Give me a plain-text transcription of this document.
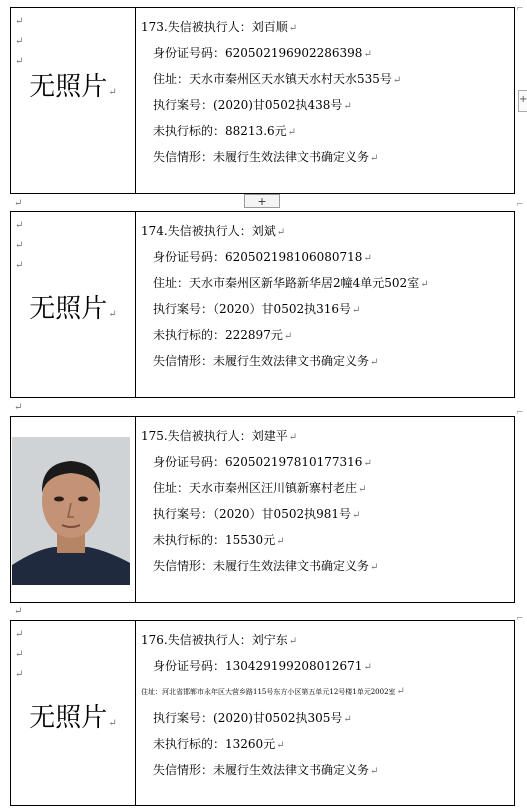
↵
↵
↵
无照片↵
173.失信被执行人：刘百顺↵
身份证号码：620502196902286398↵
住址：天水市秦州区天水镇天水村天水535号↵
执行案号：(2020)甘0502执438号↵
未执行标的：88213.6元↵
失信情形：未履行生效法律文书确定义务↵
+
+
↵
↵
↵
↵
无照片↵
174.失信被执行人：刘斌↵
身份证号码：620502198106080718↵
住址：天水市秦州区新华路新华居2幢4单元502室↵
执行案号：（2020）甘0502执316号↵
未执行标的：222897元↵
失信情形：未履行生效法律文书确定义务↵
↵
175.失信被执行人：刘建平↵
身份证号码：620502197810177316↵
住址：天水市秦州区汪川镇新寨村老庄↵
执行案号：（2020）甘0502执981号↵
未执行标的：15530元↵
失信情形：未履行生效法律文书确定义务↵
↵
↵
↵
↵
无照片↵
176.失信被执行人：刘宁东↵
身份证号码：130429199208012671↵
住址：河北省邯郸市永年区大营乡路115号东方小区第五单元12号楼1单元2002室↵
执行案号：(2020)甘0502执305号↵
未执行标的：13260元↵
失信情形：未履行生效法律文书确定义务↵
⌐
⌐
⌐
⌐
